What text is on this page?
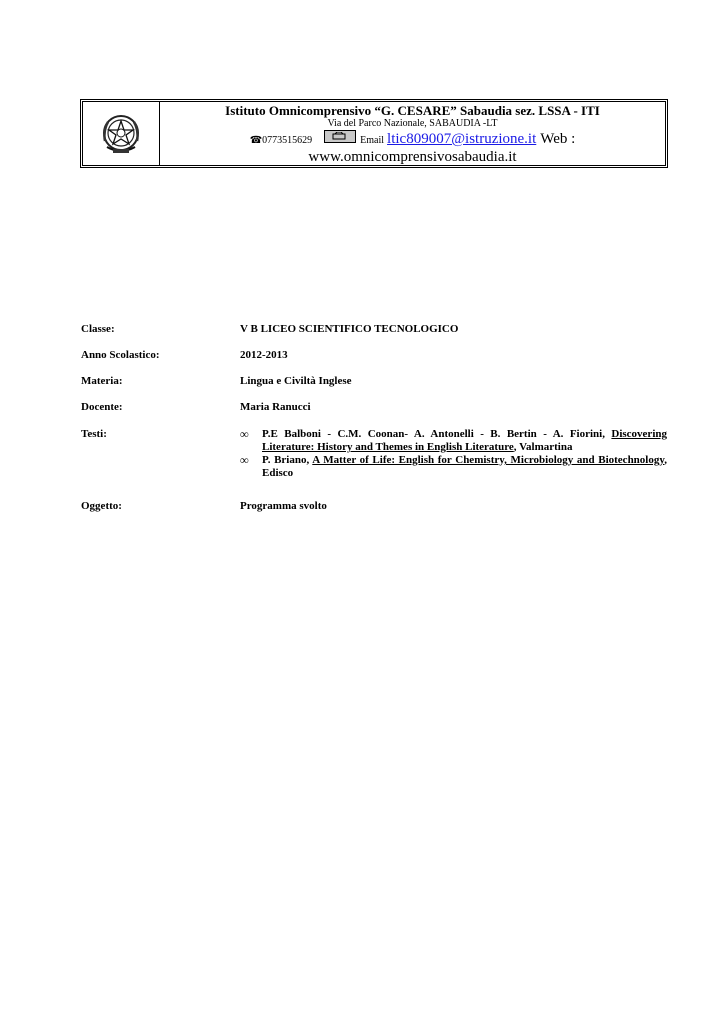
Istituto Omnicomprensivo “G. CESARE” Sabaudia sez. LSSA - ITI
Via del Parco Nazionale, SABAUDIA -LT
☎0773515629	Email ltic809007@istruzione.it Web :
www.omnicomprensivosabaudia.it
Classe:	V B LICEO SCIENTIFICO TECNOLOGICO
Anno Scolastico:	2012-2013
Materia:	Lingua e Civiltà Inglese
Docente:	Maria Ranucci
Testi:	∞ P.E Balboni - C.M. Coonan- A. Antonelli - B. Bertin - A. Fiorini, Discovering Literature: History and Themes in English Literature, Valmartina
∞ P. Briano, A Matter of Life: English for Chemistry, Microbiology and Biotechnology, Edisco
Oggetto:	Programma svolto
